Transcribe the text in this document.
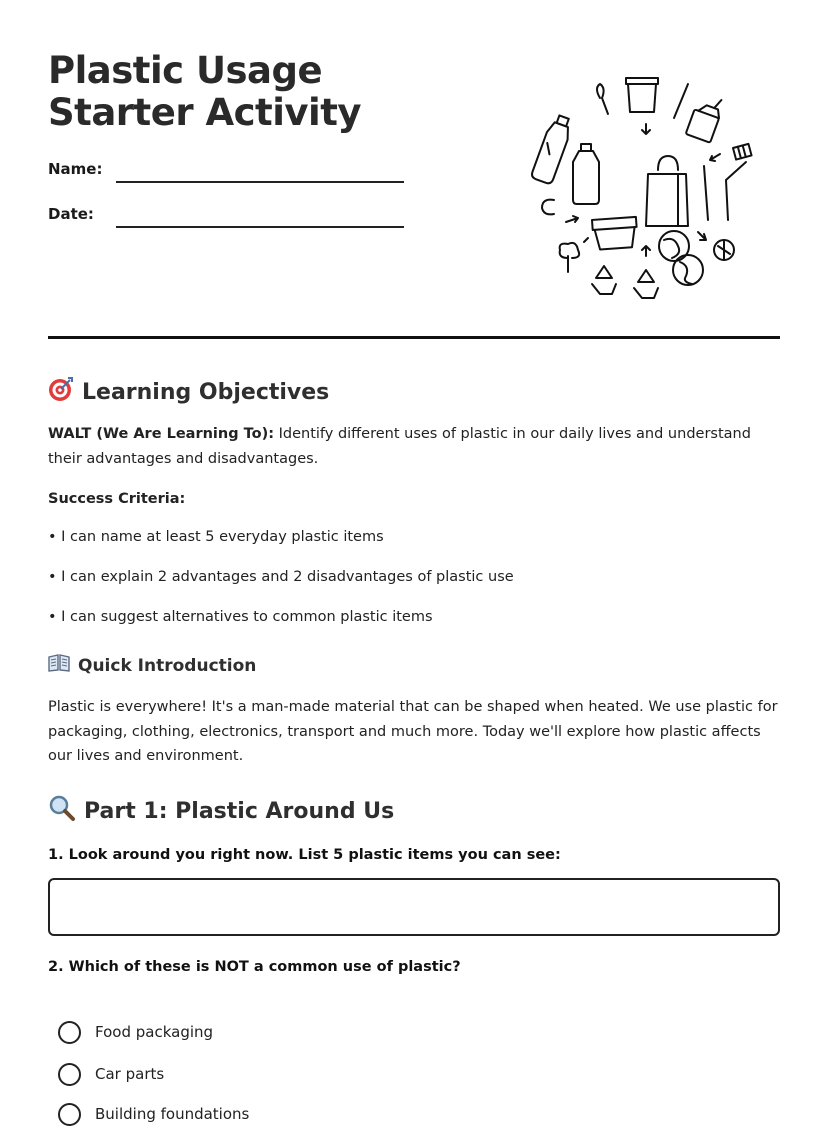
Plastic Usage Starter Activity
Name:
Date:
Learning Objectives
WALT (We Are Learning To): Identify different uses of plastic in our daily lives and understand their advantages and disadvantages.
Success Criteria:
• I can name at least 5 everyday plastic items
• I can explain 2 advantages and 2 disadvantages of plastic use
• I can suggest alternatives to common plastic items
Quick Introduction
Plastic is everywhere! It's a man-made material that can be shaped when heated. We use plastic for packaging, clothing, electronics, transport and much more. Today we'll explore how plastic affects our lives and environment.
Part 1: Plastic Around Us
1. Look around you right now. List 5 plastic items you can see:
2. Which of these is NOT a common use of plastic?
Food packaging
Car parts
Building foundations
